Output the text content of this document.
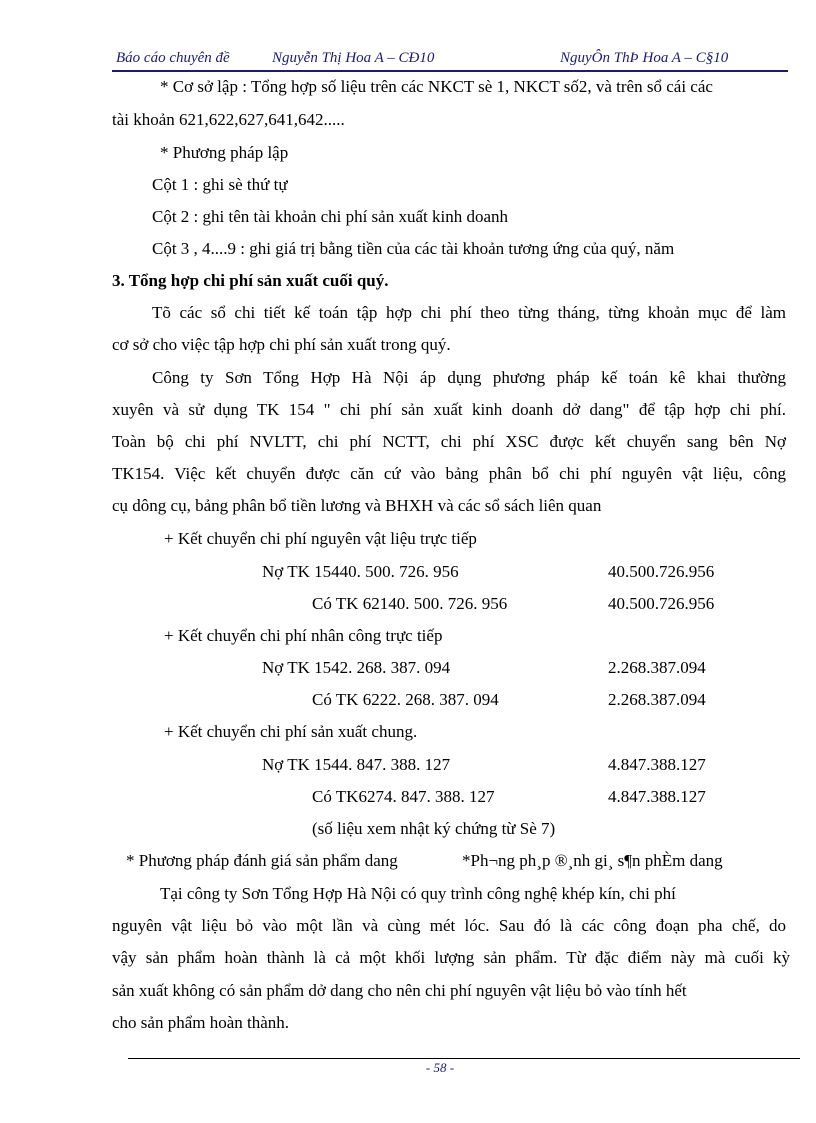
Báo cáo chuyên đề	Nguyễn Thị Hoa A – CĐ10	NguyÔn ThÞ Hoa A – C§10
* Cơ sở lập : Tổng hợp số liệu trên các NKCT sè 1, NKCT số2, và trên sổ cái các
tài khoản 621,622,627,641,642.....
* Phương pháp lập
Cột 1 : ghi sè thứ tự
Cột 2 : ghi tên tài khoản chi phí sản xuất kinh doanh
Cột 3 , 4....9 : ghi giá trị bằng tiền của các tài khoản tương ứng của quý, năm
3. Tổng hợp chi phí sản xuất cuối quý.
Tõ các sổ chi tiết kế toán tập hợp chi phí theo từng tháng, từng khoản mục để làm
cơ sở cho việc tập hợp chi phí sản xuất trong quý.
Công ty Sơn Tổng Hợp Hà Nội áp dụng phương pháp kế toán kê khai thường
xuyên và sử dụng TK 154 " chi phí sản xuất kinh doanh dở dang" để tập hợp chi phí.
Toàn bộ chi phí NVLTT, chi phí NCTT, chi phí XSC được kết chuyển sang bên Nợ
TK154. Việc kết chuyển được căn cứ vào bảng phân bổ chi phí nguyên vật liệu, công
cụ dông cụ, bảng phân bổ tiền lương và BHXH và các sổ sách liên quan
+ Kết chuyển chi phí nguyên vật liệu trực tiếp
Nợ TK 15440. 500. 726. 956	40.500.726.956
Có TK 62140. 500. 726. 956	40.500.726.956
+ Kết chuyển chi phí nhân công trực tiếp
Nợ TK 1542. 268. 387. 094	2.268.387.094
Có TK 6222. 268. 387. 094	2.268.387.094
+ Kết chuyển chi phí sản xuất chung.
Nợ TK 1544. 847. 388. 127	4.847.388.127
Có TK6274. 847. 388. 127	4.847.388.127
(số liệu xem nhật ký chứng từ Sè 7)
* Phương pháp đánh giá sản phẩm dang	*Ph¬ng ph¸p ®¸nh gi¸ s¶n phÈm dang
Tại công ty Sơn Tổng Hợp Hà Nội có quy trình công nghệ khép kín, chi phí
nguyên vật liệu bỏ vào một lần và cùng mét lóc. Sau đó là các công đoạn pha chế, do
vậy sản phẩm hoàn thành là cả một khối lượng sản phẩm. Từ đặc điểm này mà cuối kỳ
sản xuất không có sản phẩm dở dang cho nên chi phí nguyên vật liệu bỏ vào tính hết
cho sản phẩm hoàn thành.
- 58 -
